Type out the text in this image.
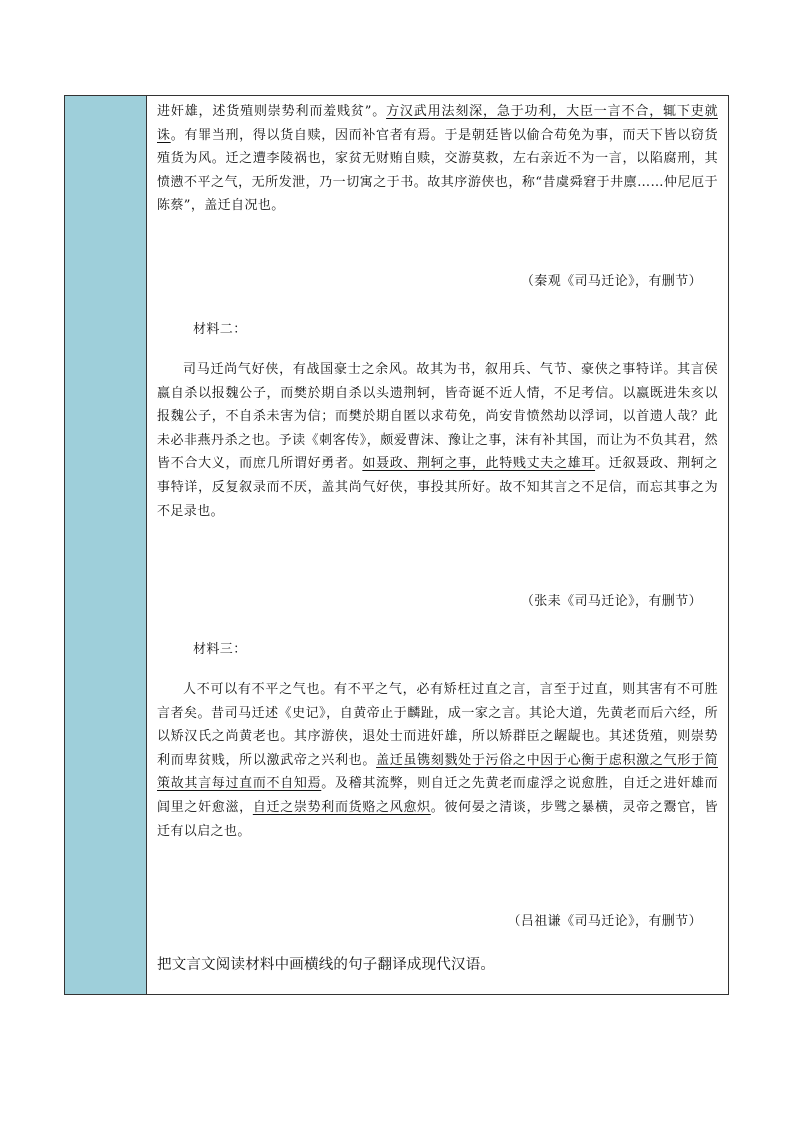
进奸雄，述货殖则崇势利而羞贱贫”。方汉武用法刻深，急于功利，大臣一言不合，辄下吏就诛。有罪当刑，得以货自赎，因而补官者有焉。于是朝廷皆以偷合苟免为事，而天下皆以窃货殖货为风。迁之遭李陵祸也，家贫无财贿自赎，交游莫救，左右亲近不为一言，以陷腐刑，其愤懑不平之气，无所发泄，乃一切寓之于书。故其序游侠也，称“昔虞舜窘于井廪……仲尼厄于陈蔡”，盖迁自况也。

（秦观《司马迁论》，有删节）

材料二：

司马迁尚气好侠，有战国豪士之余风。故其为书，叙用兵、气节、豪侠之事特详。其言侯嬴自杀以报魏公子，而樊於期自杀以头遗荆轲，皆奇诞不近人情，不足考信。以嬴既进朱亥以报魏公子，不自杀未害为信；而樊於期自匿以求苟免，尚安肯愤然劫以浮词，以首遗人哉？此未必非燕丹杀之也。予读《刺客传》，颇爱曹沫、豫让之事，沫有补其国，而让为不负其君，然皆不合大义，而庶几所谓好勇者。如聂政、荆轲之事，此特贱丈夫之雄耳。迁叙聂政、荆轲之事特详，反复叙录而不厌，盖其尚气好侠，事投其所好。故不知其言之不足信，而忘其事之为不足录也。

（张耒《司马迁论》，有删节）

材料三：

人不可以有不平之气也。有不平之气，必有矫枉过直之言，言至于过直，则其害有不可胜言者矣。昔司马迁述《史记》，自黄帝止于麟趾，成一家之言。其论大道，先黄老而后六经，所以矫汉氏之尚黄老也。其序游侠，退处士而进奸雄，所以矫群臣之龌龊也。其述货殖，则崇势利而卑贫贱，所以激武帝之兴利也。盖迁虽镌刻戮处于污俗之中因于心衡于虑积激之气形于简策故其言每过直而不自知焉。及稽其流弊，则自迁之先黄老而虚浮之说愈胜，自迁之进奸雄而闾里之奸愈滋，自迁之崇势利而货赂之风愈炽。彼何晏之清谈，步骘之暴横，灵帝之鬻官，皆迁有以启之也。

（吕祖谦《司马迁论》，有删节）

把文言文阅读材料中画横线的句子翻译成现代汉语。
